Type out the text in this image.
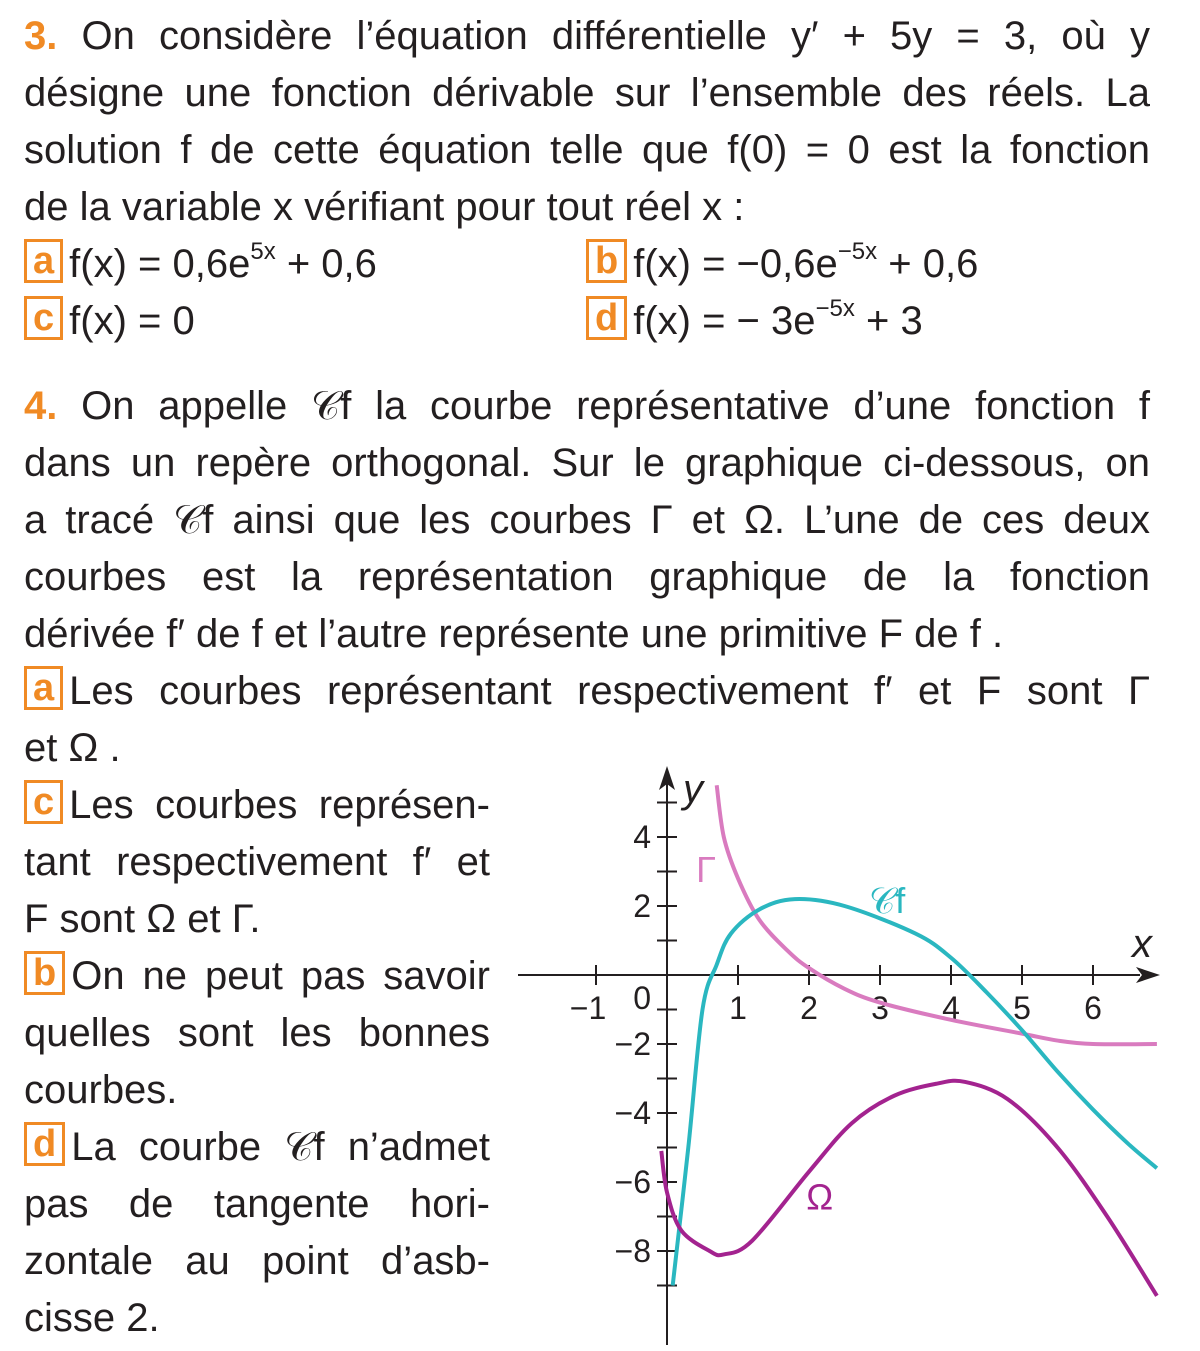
3. On considère l’équation différentielle y′ + 5y = 3, où y
désigne une fonction dérivable sur l’ensemble des réels. La
solution f de cette équation telle que f(0) = 0 est la fonction
de la variable x vérifiant pour tout réel x :
a $f(x) = 0,6e^{5x} + 0,6$	b $f(x) = -0,6e^{-5x} + 0,6$
c f(x) = 0	d f(x) = − $3e^{-5x} + 3$
4. On appelle 𝒞f la courbe représentative d’une fonction f
dans un repère orthogonal. Sur le graphique ci-dessous, on
a tracé 𝒞f ainsi que les courbes Γ et Ω. L’une de ces deux
courbes est la représentation graphique de la fonction
dérivée f′ de f et l’autre représente une primitive F de f .
a Les courbes représentant respectivement f′ et F sont Γ
et Ω .
c Les courbes représen-
tant respectivement f′ et
F sont Ω et Γ.
b On ne peut pas savoir
quelles sont les bonnes
courbes.
d La courbe 𝒞f n’admet
pas de tangente hori-
zontale au point d’asb-
cisse 2.
−1	1 2 3 4 5 6
4
2
−2
−4
−6
−8
0
x
y
Γ
𝒞f
Ω
